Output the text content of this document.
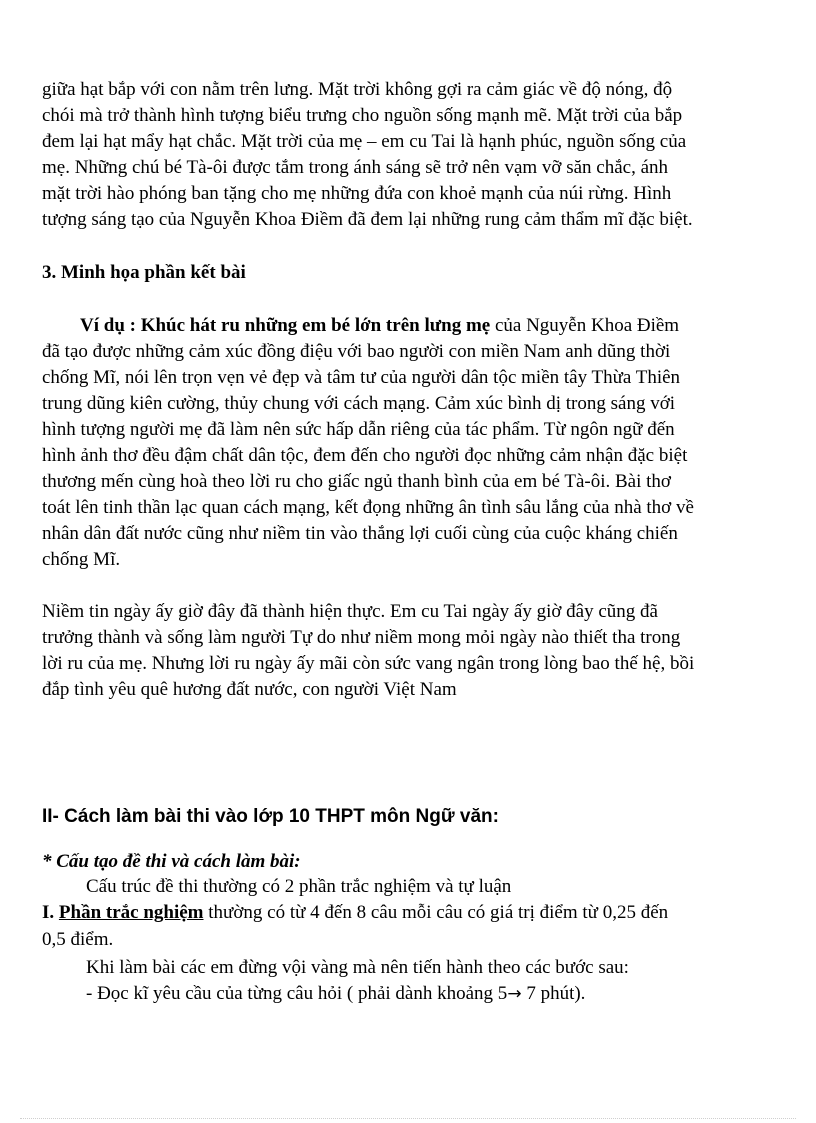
giữa hạt bắp với con nằm trên lưng. Mặt trời không gợi ra cảm giác về độ nóng, độ
chói mà trở thành hình tượng biểu trưng cho nguồn sống mạnh mẽ. Mặt trời của bắp
đem lại hạt mẩy hạt chắc. Mặt trời của mẹ – em cu Tai là hạnh phúc, nguồn sống của
mẹ. Những chú bé Tà-ôi được tắm trong ánh sáng sẽ trở nên vạm vỡ săn chắc, ánh
mặt trời hào phóng ban tặng cho mẹ những đứa con khoẻ mạnh của núi rừng. Hình
tượng sáng tạo của Nguyễn Khoa Điềm đã đem lại những rung cảm thẩm mĩ đặc biệt.
3. Minh họa phần kết bài
Ví dụ : Khúc hát ru những em bé lớn trên lưng mẹ của Nguyễn Khoa Điềm
đã tạo được những cảm xúc đồng điệu với bao người con miền Nam anh dũng thời
chống Mĩ, nói lên trọn vẹn vẻ đẹp và tâm tư của người dân tộc miền tây Thừa Thiên
trung dũng kiên cường, thủy chung với cách mạng. Cảm xúc bình dị trong sáng với
hình tượng người mẹ đã làm nên sức hấp dẫn riêng của tác phẩm. Từ ngôn ngữ đến
hình ảnh thơ đều đậm chất dân tộc, đem đến cho người đọc những cảm nhận đặc biệt
thương mến cùng hoà theo lời ru cho giấc ngủ thanh bình của em bé Tà-ôi. Bài thơ
toát lên tinh thần lạc quan cách mạng, kết đọng những ân tình sâu lắng của nhà thơ về
nhân dân đất nước cũng như niềm tin vào thắng lợi cuối cùng của cuộc kháng chiến
chống Mĩ.
Niềm tin ngày ấy giờ đây đã thành hiện thực. Em cu Tai ngày ấy giờ đây cũng đã
trưởng thành và sống làm người Tự do như niềm mong mỏi ngày nào thiết tha trong
lời ru của mẹ. Nhưng lời ru ngày ấy mãi còn sức vang ngân trong lòng bao thế hệ, bồi
đắp tình yêu quê hương đất nước, con người Việt Nam
II- Cách làm bài thi vào lớp 10 THPT môn Ngữ văn:
* Cấu tạo đề thi và cách làm bài:
Cấu trúc đề thi thường có 2 phần trắc nghiệm và tự luận
I. Phần trắc nghiệm thường có từ 4 đến 8 câu mỗi câu có giá trị điểm từ 0,25 đến
0,5 điểm.
Khi làm bài các em đừng vội vàng mà nên tiến hành theo các bước sau:
- Đọc kĩ yêu cầu của từng câu hỏi ( phải dành khoảng 5→ 7 phút).
